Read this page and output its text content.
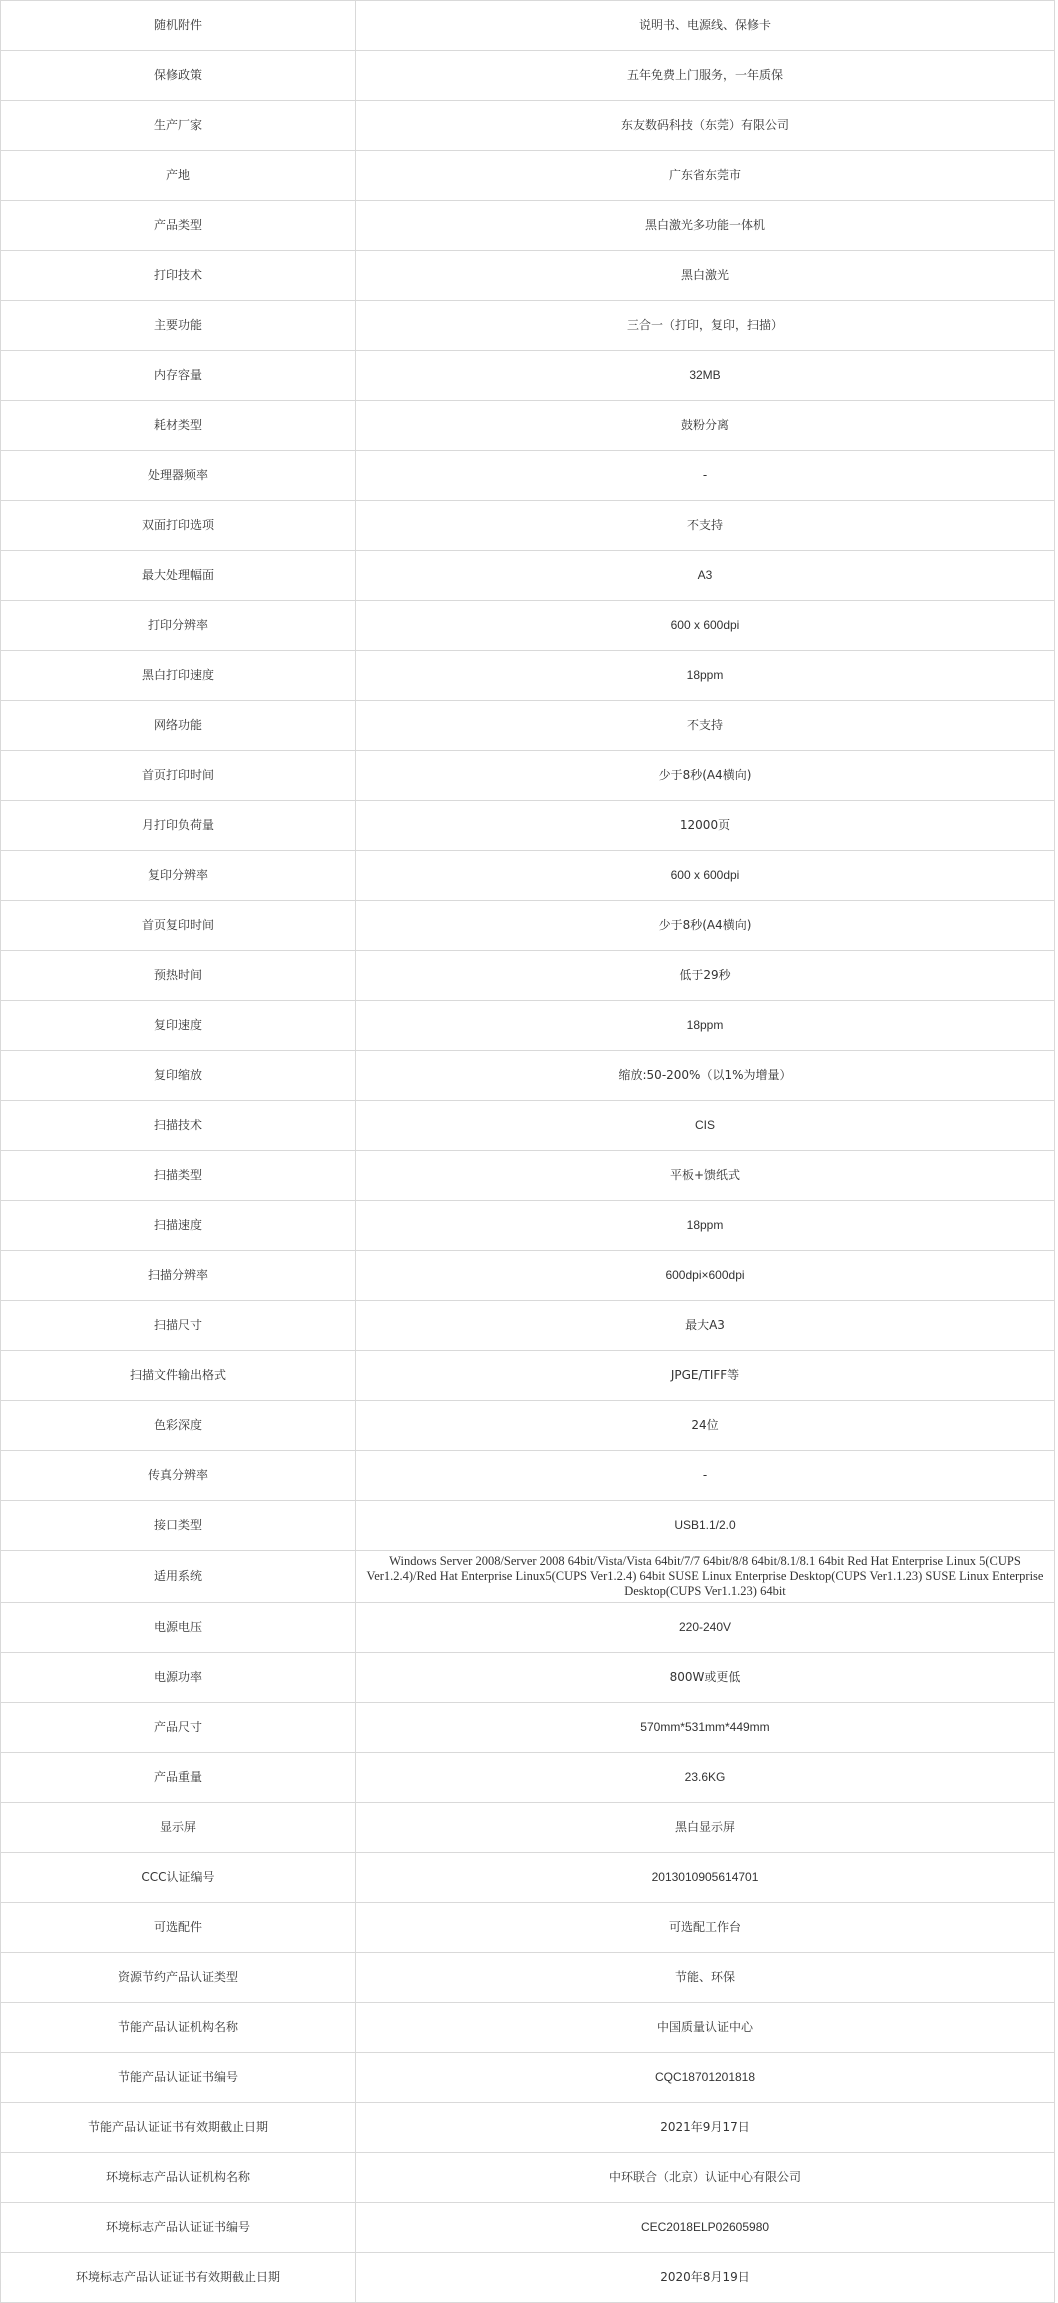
随机附件	说明书、电源线、保修卡
保修政策	五年免费上门服务，一年质保
生产厂家	东友数码科技（东莞）有限公司
产地	广东省东莞市
产品类型	黑白激光多功能一体机
打印技术	黑白激光
主要功能	三合一（打印，复印，扫描）
内存容量	32MB
耗材类型	鼓粉分离
处理器频率	-
双面打印选项	不支持
最大处理幅面	A3
打印分辨率	600 x 600dpi
黑白打印速度	18ppm
网络功能	不支持
首页打印时间	少于8秒(A4横向)
月打印负荷量	12000页
复印分辨率	600 x 600dpi
首页复印时间	少于8秒(A4横向)
预热时间	低于29秒
复印速度	18ppm
复印缩放	缩放:50-200%（以1%为增量）
扫描技术	CIS
扫描类型	平板+馈纸式
扫描速度	18ppm
扫描分辨率	600dpi×600dpi
扫描尺寸	最大A3
扫描文件输出格式	JPGE/TIFF等
色彩深度	24位
传真分辨率	-
接口类型	USB1.1/2.0
适用系统	Windows Server 2008/Server 2008 64bit/Vista/Vista 64bit/7/7 64bit/8/8 64bit/8.1/8.1 64bit Red Hat Enterprise Linux 5(CUPS Ver1.2.4)/Red Hat Enterprise Linux5(CUPS Ver1.2.4) 64bit SUSE Linux Enterprise Desktop(CUPS Ver1.1.23) SUSE Linux Enterprise Desktop(CUPS Ver1.1.23) 64bit
电源电压	220-240V
电源功率	800W或更低
产品尺寸	570mm*531mm*449mm
产品重量	23.6KG
显示屏	黑白显示屏
CCC认证编号	2013010905614701
可选配件	可选配工作台
资源节约产品认证类型	节能、环保
节能产品认证机构名称	中国质量认证中心
节能产品认证证书编号	CQC18701201818
节能产品认证证书有效期截止日期	2021年9月17日
环境标志产品认证机构名称	中环联合（北京）认证中心有限公司
环境标志产品认证证书编号	CEC2018ELP02605980
环境标志产品认证证书有效期截止日期	2020年8月19日
